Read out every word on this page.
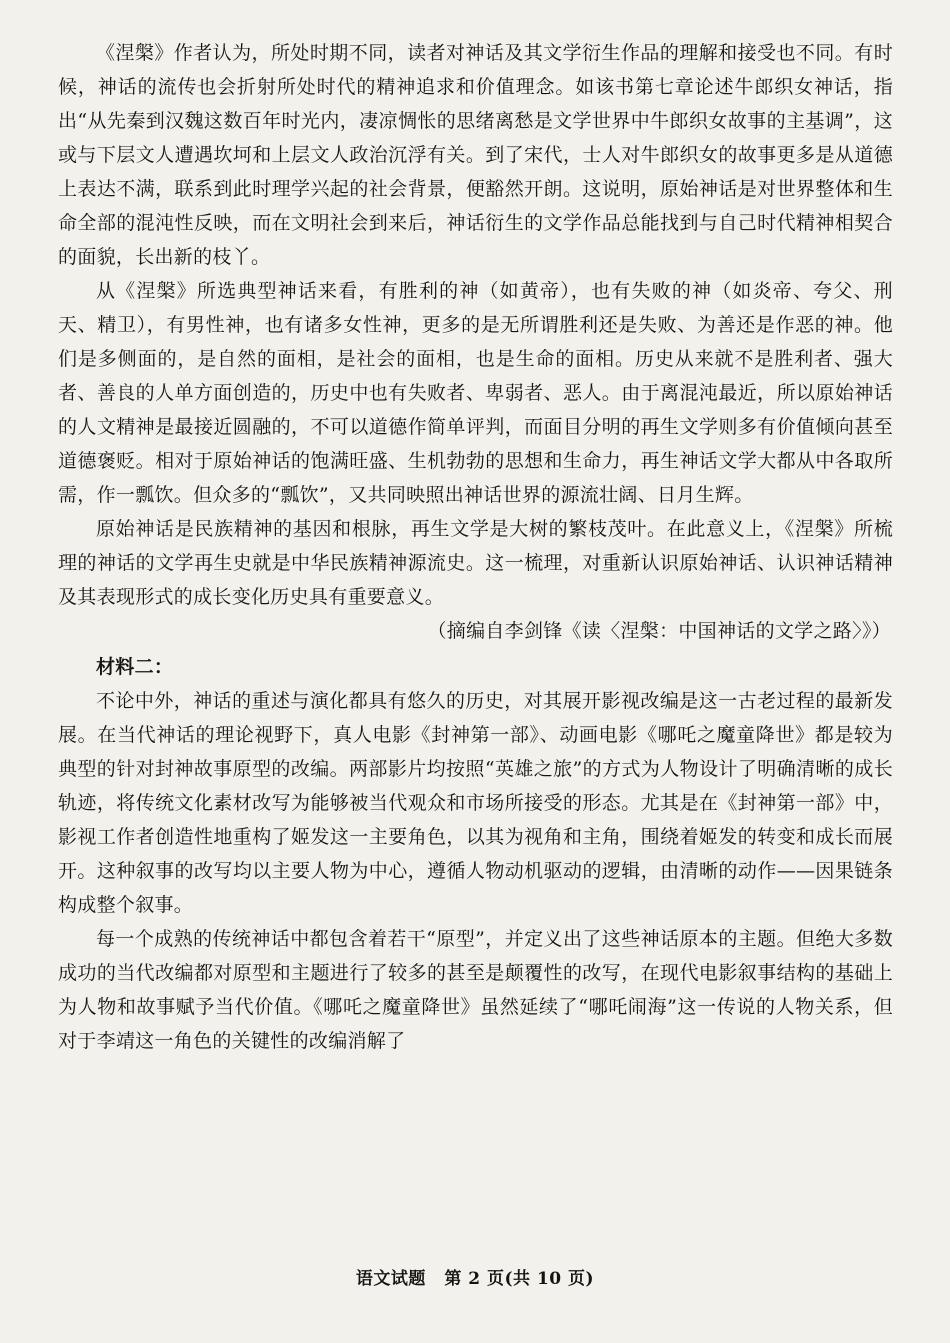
《涅槃》作者认为，所处时期不同，读者对神话及其文学衍生作品的理解和接受也不同。有时候，神话的流传也会折射所处时代的精神追求和价值理念。如该书第七章论述牛郎织女神话，指出“从先秦到汉魏这数百年时光内，凄凉惆怅的思绪离愁是文学世界中牛郎织女故事的主基调”，这或与下层文人遭遇坎坷和上层文人政治沉浮有关。到了宋代，士人对牛郎织女的故事更多是从道德上表达不满，联系到此时理学兴起的社会背景，便豁然开朗。这说明，原始神话是对世界整体和生命全部的混沌性反映，而在文明社会到来后，神话衍生的文学作品总能找到与自己时代精神相契合的面貌，长出新的枝丫。

从《涅槃》所选典型神话来看，有胜利的神（如黄帝），也有失败的神（如炎帝、夸父、刑天、精卫），有男性神，也有诸多女性神，更多的是无所谓胜利还是失败、为善还是作恶的神。他们是多侧面的，是自然的面相，是社会的面相，也是生命的面相。历史从来就不是胜利者、强大者、善良的人单方面创造的，历史中也有失败者、卑弱者、恶人。由于离混沌最近，所以原始神话的人文精神是最接近圆融的，不可以道德作简单评判，而面目分明的再生文学则多有价值倾向甚至道德褒贬。相对于原始神话的饱满旺盛、生机勃勃的思想和生命力，再生神话文学大都从中各取所需，作一瓢饮。但众多的“瓢饮”，又共同映照出神话世界的源流壮阔、日月生辉。

原始神话是民族精神的基因和根脉，再生文学是大树的繁枝茂叶。在此意义上，《涅槃》所梳理的神话的文学再生史就是中华民族精神源流史。这一梳理，对重新认识原始神话、认识神话精神及其表现形式的成长变化历史具有重要意义。

（摘编自李剑锋《读〈涅槃：中国神话的文学之路〉》）

材料二：

不论中外，神话的重述与演化都具有悠久的历史，对其展开影视改编是这一古老过程的最新发展。在当代神话的理论视野下，真人电影《封神第一部》、动画电影《哪吒之魔童降世》都是较为典型的针对封神故事原型的改编。两部影片均按照“英雄之旅”的方式为人物设计了明确清晰的成长轨迹，将传统文化素材改写为能够被当代观众和市场所接受的形态。尤其是在《封神第一部》中，影视工作者创造性地重构了姬发这一主要角色，以其为视角和主角，围绕着姬发的转变和成长而展开。这种叙事的改写均以主要人物为中心，遵循人物动机驱动的逻辑，由清晰的动作——因果链条构成整个叙事。

每一个成熟的传统神话中都包含着若干“原型”，并定义出了这些神话原本的主题。但绝大多数成功的当代改编都对原型和主题进行了较多的甚至是颠覆性的改写，在现代电影叙事结构的基础上为人物和故事赋予当代价值。《哪吒之魔童降世》虽然延续了“哪吒闹海”这一传说的人物关系，但对于李靖这一角色的关键性的改编消解了

语文试题 第 2 页(共 10 页)
